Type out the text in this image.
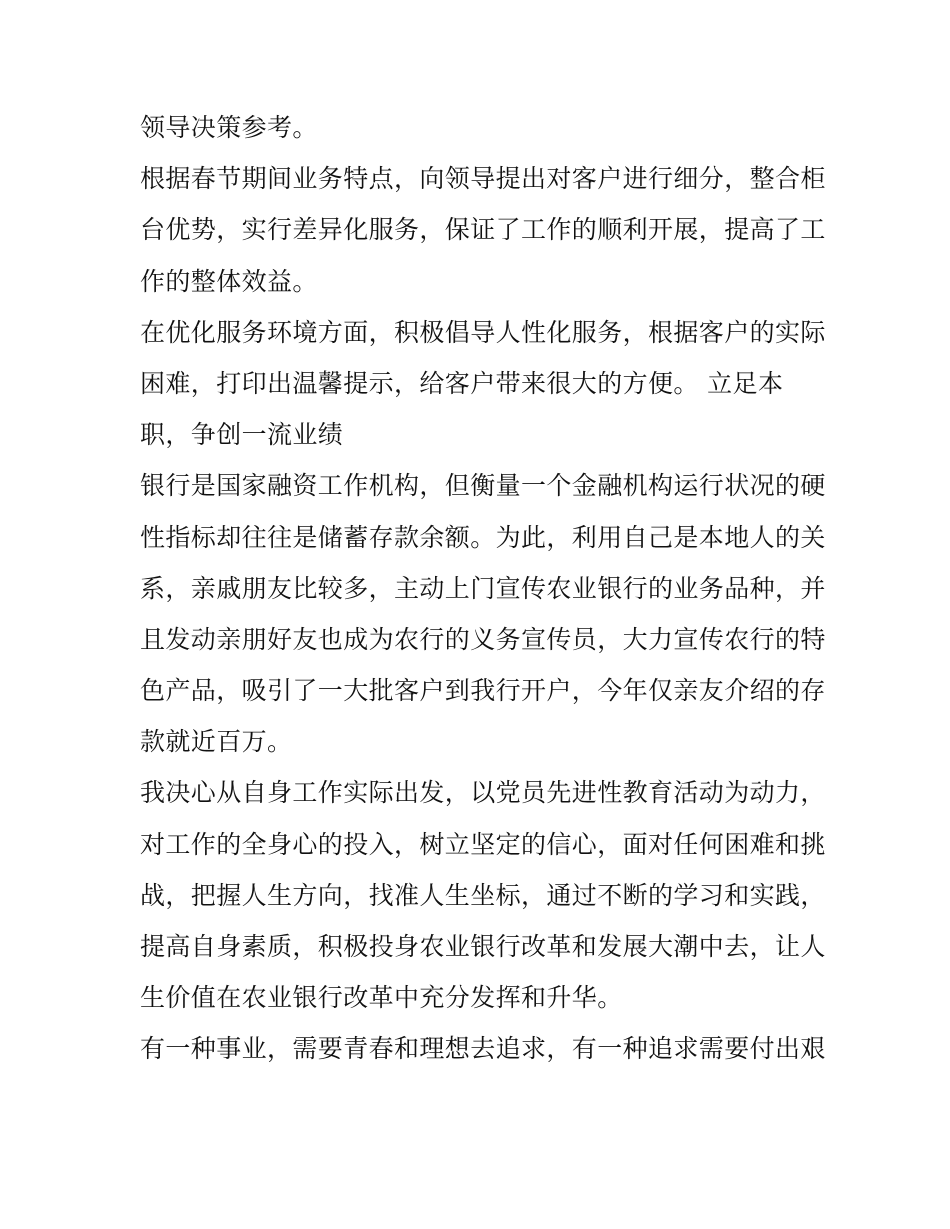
领导决策参考。
根据春节期间业务特点，向领导提出对客户进行细分，整合柜
台优势，实行差异化服务，保证了工作的顺利开展，提高了工
作的整体效益。
在优化服务环境方面，积极倡导人性化服务，根据客户的实际
困难，打印出温馨提示，给客户带来很大的方便。 立足本
职，争创一流业绩
银行是国家融资工作机构，但衡量一个金融机构运行状况的硬
性指标却往往是储蓄存款余额。为此，利用自己是本地人的关
系，亲戚朋友比较多，主动上门宣传农业银行的业务品种，并
且发动亲朋好友也成为农行的义务宣传员，大力宣传农行的特
色产品，吸引了一大批客户到我行开户，今年仅亲友介绍的存
款就近百万。
我决心从自身工作实际出发，以党员先进性教育活动为动力，
对工作的全身心的投入，树立坚定的信心，面对任何困难和挑
战，把握人生方向，找准人生坐标，通过不断的学习和实践，
提高自身素质，积极投身农业银行改革和发展大潮中去，让人
生价值在农业银行改革中充分发挥和升华。
有一种事业，需要青春和理想去追求，有一种追求需要付出艰
